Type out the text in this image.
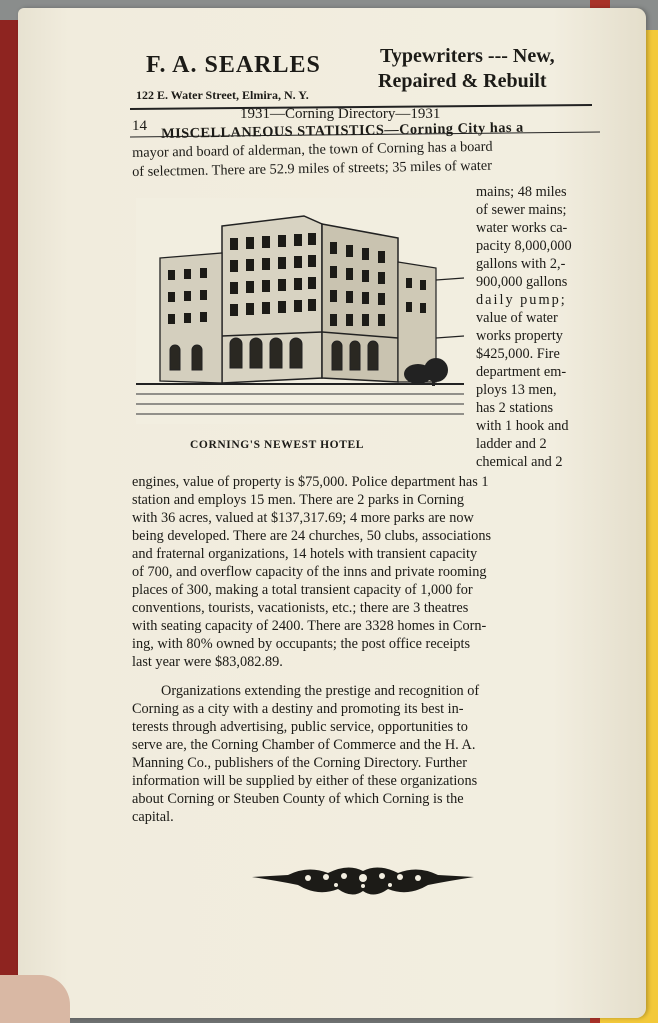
F. A. SEARLES
122 E. Water Street, Elmira, N. Y.
Typewriters --- New,
Repaired & Rebuilt
14
1931—Corning Directory—1931
CORNING'S NEWEST HOTEL
MISCELLANEOUS STATISTICS—Corning City has a
mayor and board of alderman, the town of Corning has a board
of selectmen. There are 52.9 miles of streets; 35 miles of water
mains; 48 miles
of sewer mains;
water works ca-
pacity 8,000,000
gallons with 2,-
900,000 gallons
daily pump;
value of water
works property
$425,000. Fire
department em-
ploys 13 men,
has 2 stations
with 1 hook and
ladder and 2
chemical and 2
engines, value of property is $75,000. Police department has 1
station and employs 15 men. There are 2 parks in Corning
with 36 acres, valued at $137,317.69; 4 more parks are now
being developed. There are 24 churches, 50 clubs, associations
and fraternal organizations, 14 hotels with transient capacity
of 700, and overflow capacity of the inns and private rooming
places of 300, making a total transient capacity of 1,000 for
conventions, tourists, vacationists, etc.; there are 3 theatres
with seating capacity of 2400. There are 3328 homes in Corn-
ing, with 80% owned by occupants; the post office receipts
last year were $83,082.89.
Organizations extending the prestige and recognition of
Corning as a city with a destiny and promoting its best in-
terests through advertising, public service, opportunities to
serve are, the Corning Chamber of Commerce and the H. A.
Manning Co., publishers of the Corning Directory. Further
information will be supplied by either of these organizations
about Corning or Steuben County of which Corning is the
capital.
